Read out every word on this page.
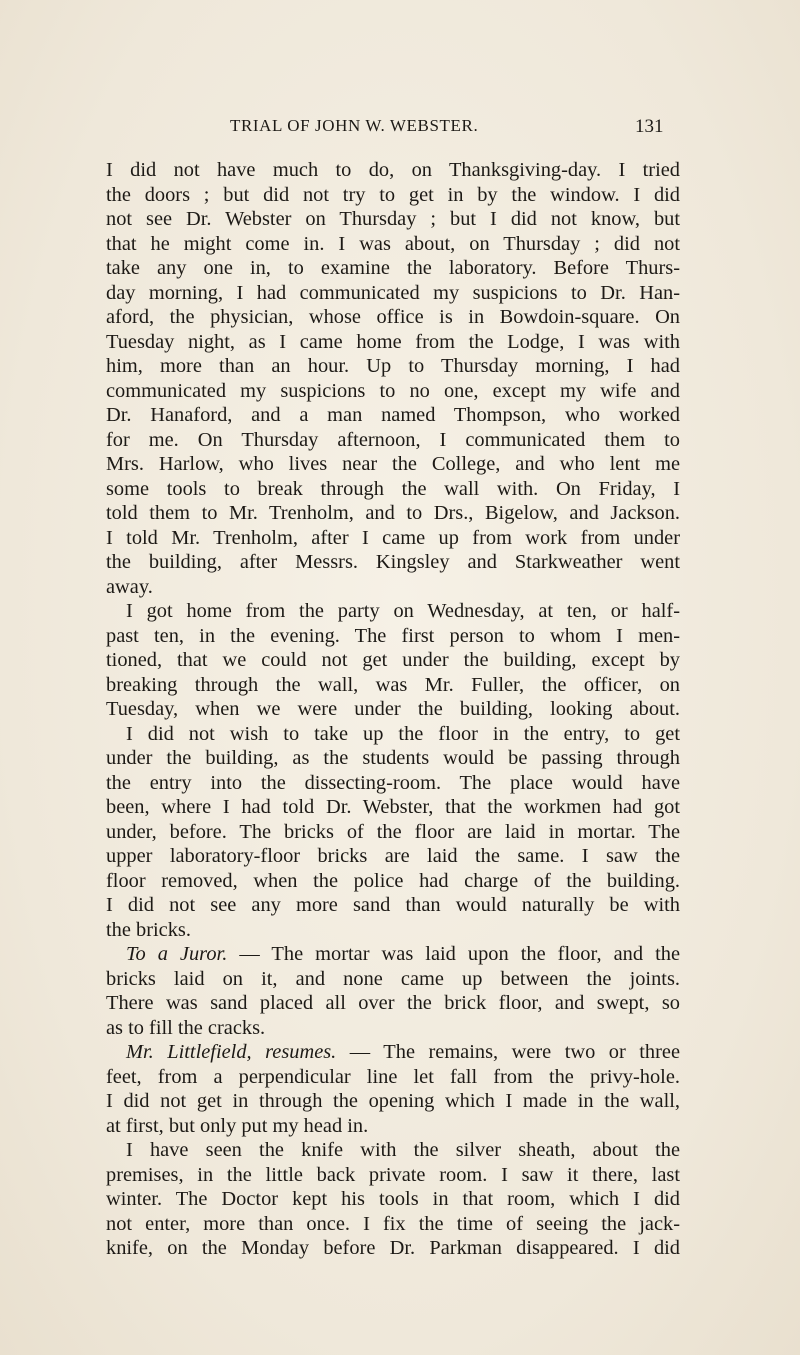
TRIAL OF JOHN W. WEBSTER.	131
I did not have much to do, on Thanksgiving-day. I tried
the doors ; but did not try to get in by the window. I did
not see Dr. Webster on Thursday ; but I did not know, but
that he might come in. I was about, on Thursday ; did not
take any one in, to examine the laboratory. Before Thurs-
day morning, I had communicated my suspicions to Dr. Han-
aford, the physician, whose office is in Bowdoin-square. On
Tuesday night, as I came home from the Lodge, I was with
him, more than an hour. Up to Thursday morning, I had
communicated my suspicions to no one, except my wife and
Dr. Hanaford, and a man named Thompson, who worked
for me. On Thursday afternoon, I communicated them to
Mrs. Harlow, who lives near the College, and who lent me
some tools to break through the wall with. On Friday, I
told them to Mr. Trenholm, and to Drs., Bigelow, and Jackson.
I told Mr. Trenholm, after I came up from work from under
the building, after Messrs. Kingsley and Starkweather went
away.
I got home from the party on Wednesday, at ten, or half-
past ten, in the evening. The first person to whom I men-
tioned, that we could not get under the building, except by
breaking through the wall, was Mr. Fuller, the officer, on
Tuesday, when we were under the building, looking about.
I did not wish to take up the floor in the entry, to get
under the building, as the students would be passing through
the entry into the dissecting-room. The place would have
been, where I had told Dr. Webster, that the workmen had got
under, before. The bricks of the floor are laid in mortar. The
upper laboratory-floor bricks are laid the same. I saw the
floor removed, when the police had charge of the building.
I did not see any more sand than would naturally be with
the bricks.
To a Juror. — The mortar was laid upon the floor, and the
bricks laid on it, and none came up between the joints.
There was sand placed all over the brick floor, and swept, so
as to fill the cracks.
Mr. Littlefield, resumes. — The remains, were two or three
feet, from a perpendicular line let fall from the privy-hole.
I did not get in through the opening which I made in the wall,
at first, but only put my head in.
I have seen the knife with the silver sheath, about the
premises, in the little back private room. I saw it there, last
winter. The Doctor kept his tools in that room, which I did
not enter, more than once. I fix the time of seeing the jack-
knife, on the Monday before Dr. Parkman disappeared. I did
